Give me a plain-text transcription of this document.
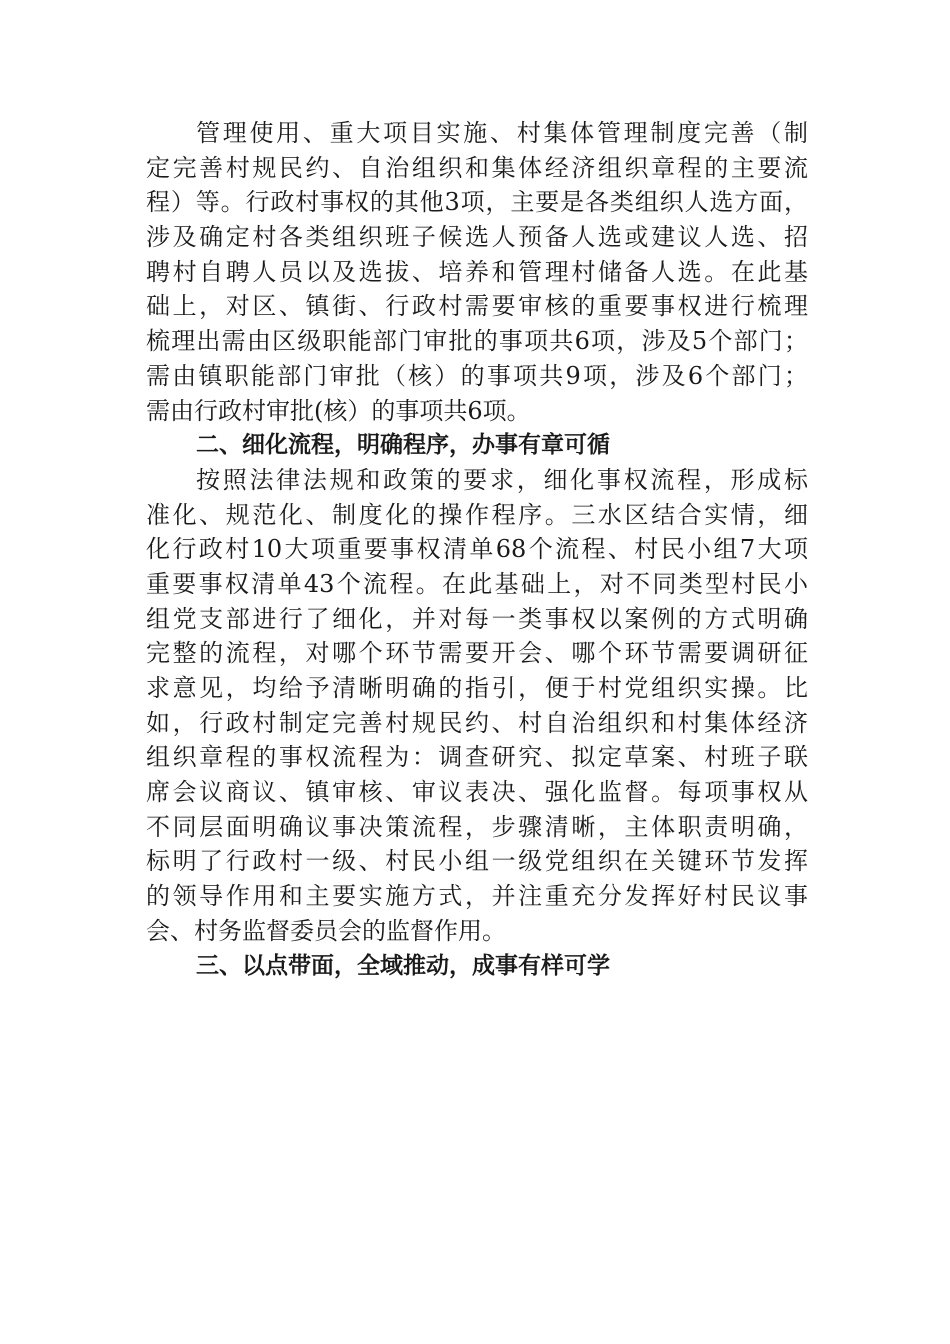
管理使用、重大项目实施、村集体管理制度完善（制
定完善村规民约、自治组织和集体经济组织章程的主要流
程）等。行政村事权的其他3项，主要是各类组织人选方面，
涉及确定村各类组织班子候选人预备人选或建议人选、招
聘村自聘人员以及选拔、培养和管理村储备人选。在此基
础上，对区、镇街、行政村需要审核的重要事权进行梳理
梳理出需由区级职能部门审批的事项共6项，涉及5个部门；
需由镇职能部门审批（核）的事项共9项，涉及6个部门；
需由行政村审批(核）的事项共6项。
二、细化流程，明确程序，办事有章可循
按照法律法规和政策的要求，细化事权流程，形成标
准化、规范化、制度化的操作程序。三水区结合实情，细
化行政村10大项重要事权清单68个流程、村民小组7大项
重要事权清单43个流程。在此基础上，对不同类型村民小
组党支部进行了细化，并对每一类事权以案例的方式明确
完整的流程，对哪个环节需要开会、哪个环节需要调研征
求意见，均给予清晰明确的指引，便于村党组织实操。比
如，行政村制定完善村规民约、村自治组织和村集体经济
组织章程的事权流程为：调查研究、拟定草案、村班子联
席会议商议、镇审核、审议表决、强化监督。每项事权从
不同层面明确议事决策流程，步骤清晰，主体职责明确，
标明了行政村一级、村民小组一级党组织在关键环节发挥
的领导作用和主要实施方式，并注重充分发挥好村民议事
会、村务监督委员会的监督作用。
三、以点带面，全域推动，成事有样可学
